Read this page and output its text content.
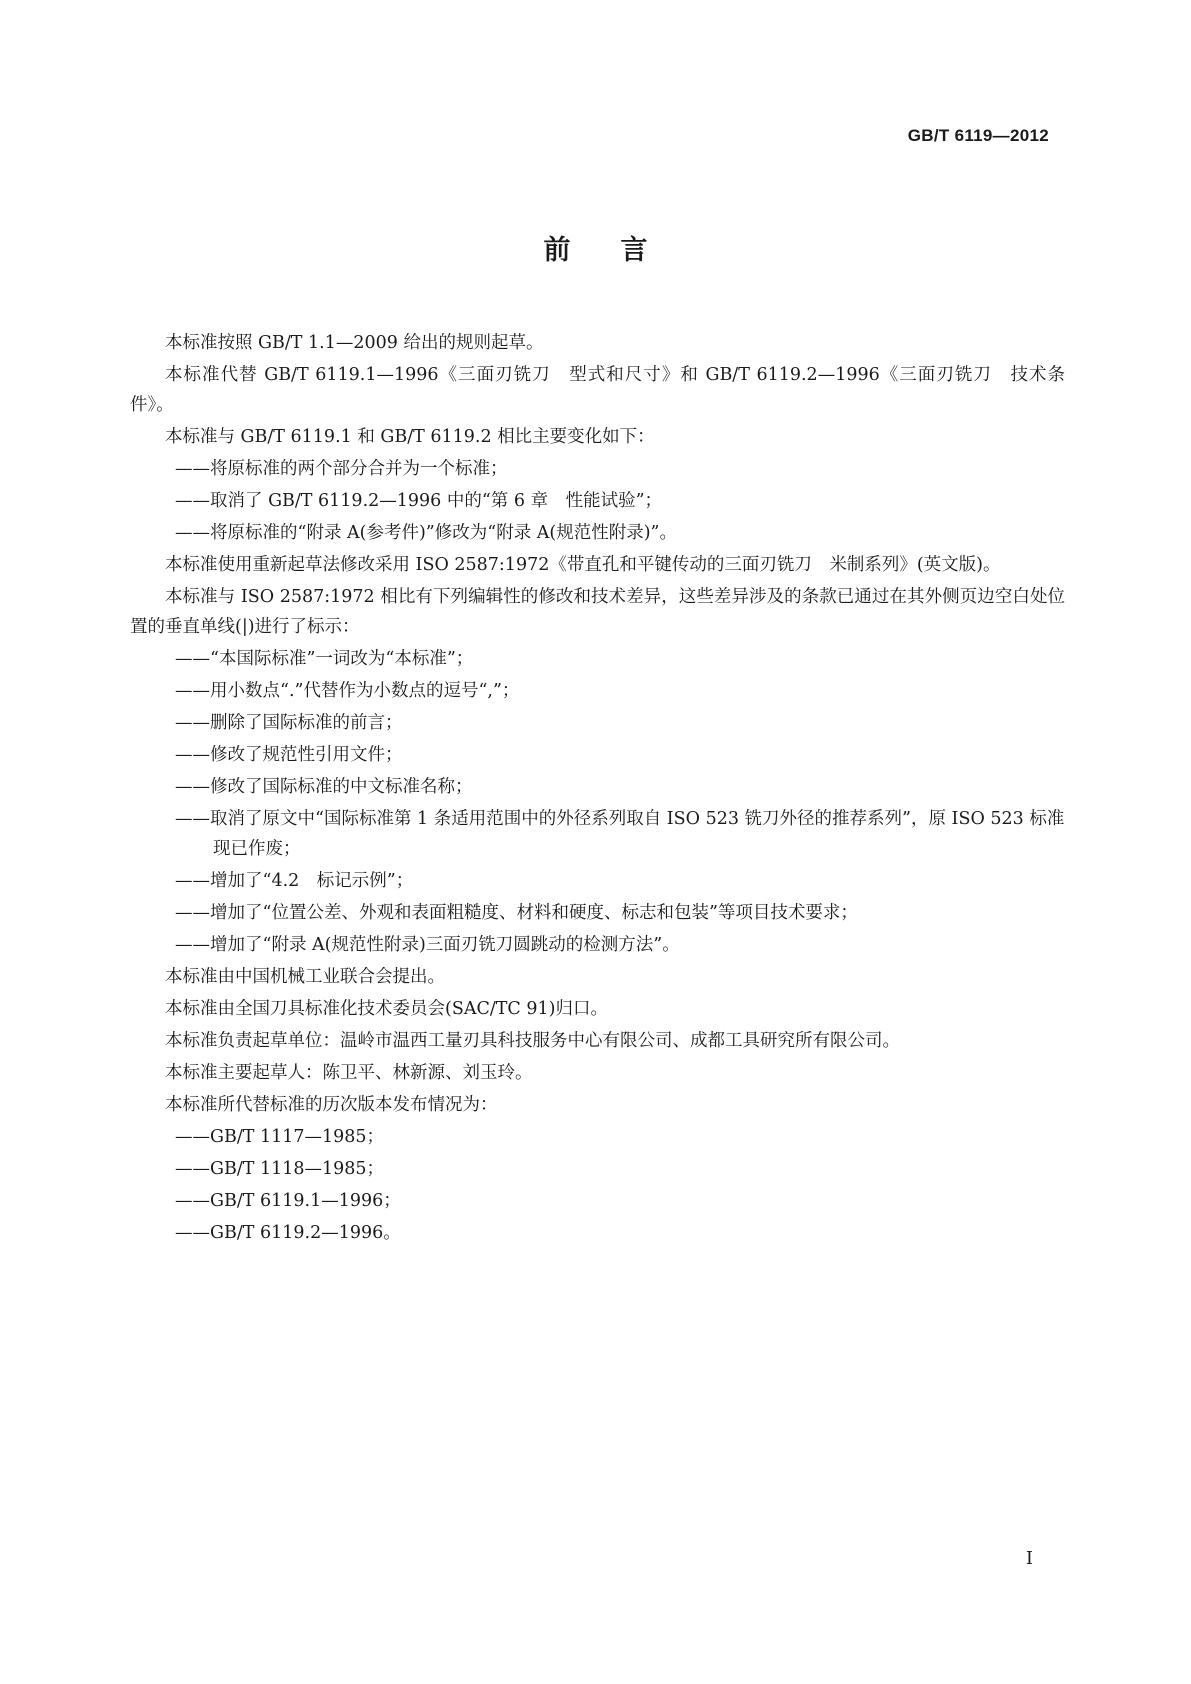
GB/T 6119—2012
前言
本标准按照 GB/T 1.1—2009 给出的规则起草。
本标准代替 GB/T 6119.1—1996《三面刃铣刀　型式和尺寸》和 GB/T 6119.2—1996《三面刃铣刀　技术条件》。
本标准与 GB/T 6119.1 和 GB/T 6119.2 相比主要变化如下：
——将原标准的两个部分合并为一个标准；
——取消了 GB/T 6119.2—1996 中的“第 6 章　性能试验”；
——将原标准的“附录 A(参考件)”修改为“附录 A(规范性附录)”。
本标准使用重新起草法修改采用 ISO 2587:1972《带直孔和平键传动的三面刃铣刀　米制系列》(英文版)。
本标准与 ISO 2587:1972 相比有下列编辑性的修改和技术差异，这些差异涉及的条款已通过在其外侧页边空白处位置的垂直单线(|)进行了标示：
——“本国际标准”一词改为“本标准”；
——用小数点“.”代替作为小数点的逗号“,”；
——删除了国际标准的前言；
——修改了规范性引用文件；
——修改了国际标准的中文标准名称；
——取消了原文中“国际标准第 1 条适用范围中的外径系列取自 ISO 523 铣刀外径的推荐系列”，原 ISO 523 标准现已作废；
——增加了“4.2　标记示例”；
——增加了“位置公差、外观和表面粗糙度、材料和硬度、标志和包装”等项目技术要求；
——增加了“附录 A(规范性附录)三面刃铣刀圆跳动的检测方法”。
本标准由中国机械工业联合会提出。
本标准由全国刀具标准化技术委员会(SAC/TC 91)归口。
本标准负责起草单位：温岭市温西工量刃具科技服务中心有限公司、成都工具研究所有限公司。
本标准主要起草人：陈卫平、林新源、刘玉玲。
本标准所代替标准的历次版本发布情况为：
——GB/T 1117—1985；
——GB/T 1118—1985；
——GB/T 6119.1—1996；
——GB/T 6119.2—1996。
I
